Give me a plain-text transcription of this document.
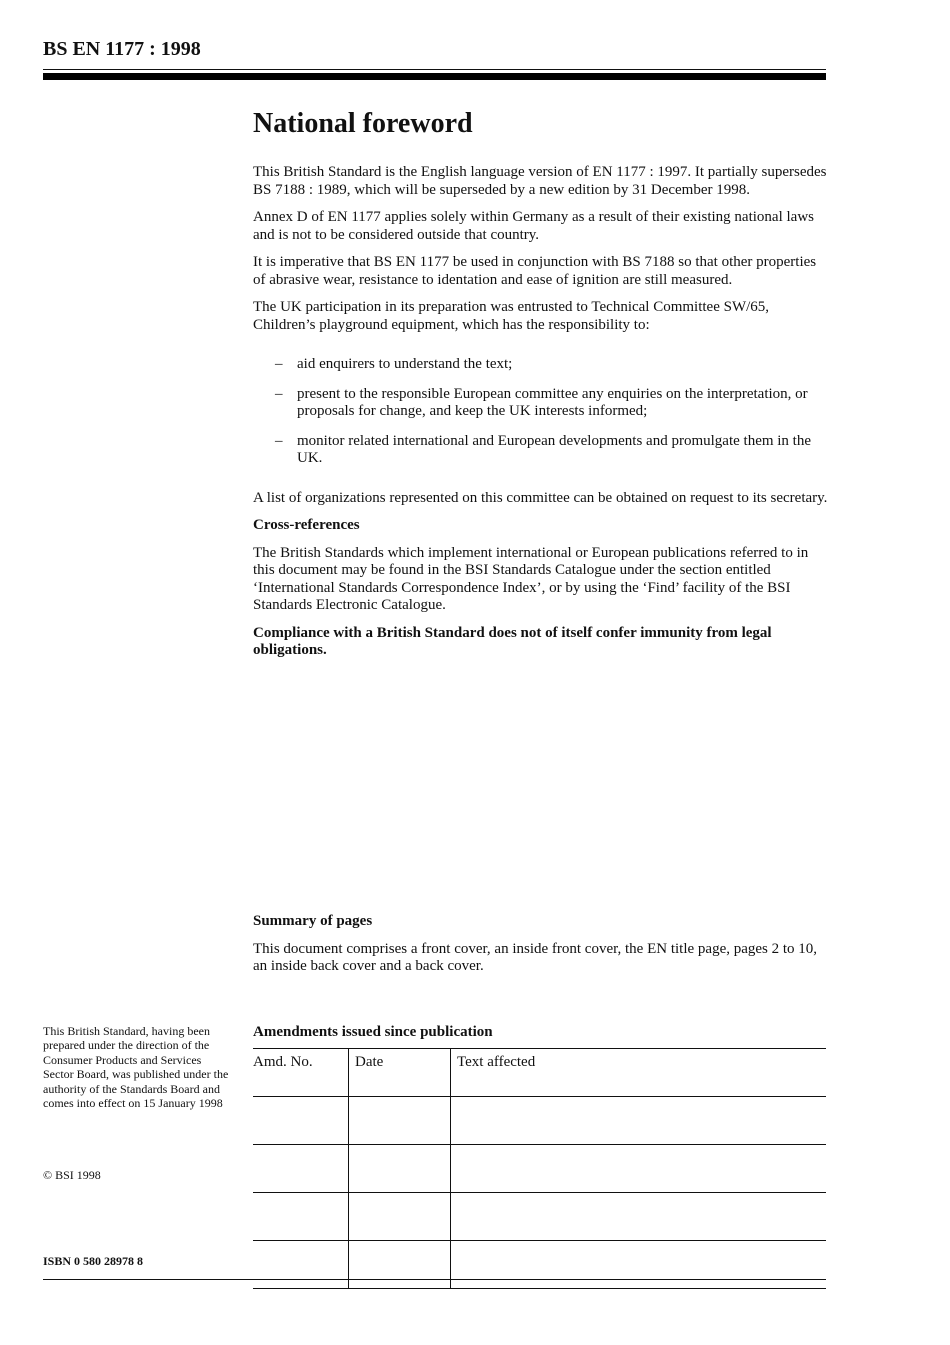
BS EN 1177 : 1998
National foreword

This British Standard is the English language version of EN 1177 : 1997. It partially supersedes BS 7188 : 1989, which will be superseded by a new edition by 31 December 1998.

Annex D of EN 1177 applies solely within Germany as a result of their existing national laws and is not to be considered outside that country.

It is imperative that BS EN 1177 be used in conjunction with BS 7188 so that other properties of abrasive wear, resistance to identation and ease of ignition are still measured.

The UK participation in its preparation was entrusted to Technical Committee SW/65, Children’s playground equipment, which has the responsibility to:

– aid enquirers to understand the text;
– present to the responsible European committee any enquiries on the interpretation, or proposals for change, and keep the UK interests informed;
– monitor related international and European developments and promulgate them in the UK.

A list of organizations represented on this committee can be obtained on request to its secretary.

Cross-references

The British Standards which implement international or European publications referred to in this document may be found in the BSI Standards Catalogue under the section entitled ‘International Standards Correspondence Index’, or by using the ‘Find’ facility of the BSI Standards Electronic Catalogue.

Compliance with a British Standard does not of itself confer immunity from legal obligations.

Summary of pages

This document comprises a front cover, an inside front cover, the EN title page, pages 2 to 10, an inside back cover and a back cover.

This British Standard, having been prepared under the direction of the Consumer Products and Services Sector Board, was published under the authority of the Standards Board and comes into effect on 15 January 1998
© BSI 1998
ISBN 0 580 28978 8
Amendments issued since publication
Amd. No.	Date	Text affected
